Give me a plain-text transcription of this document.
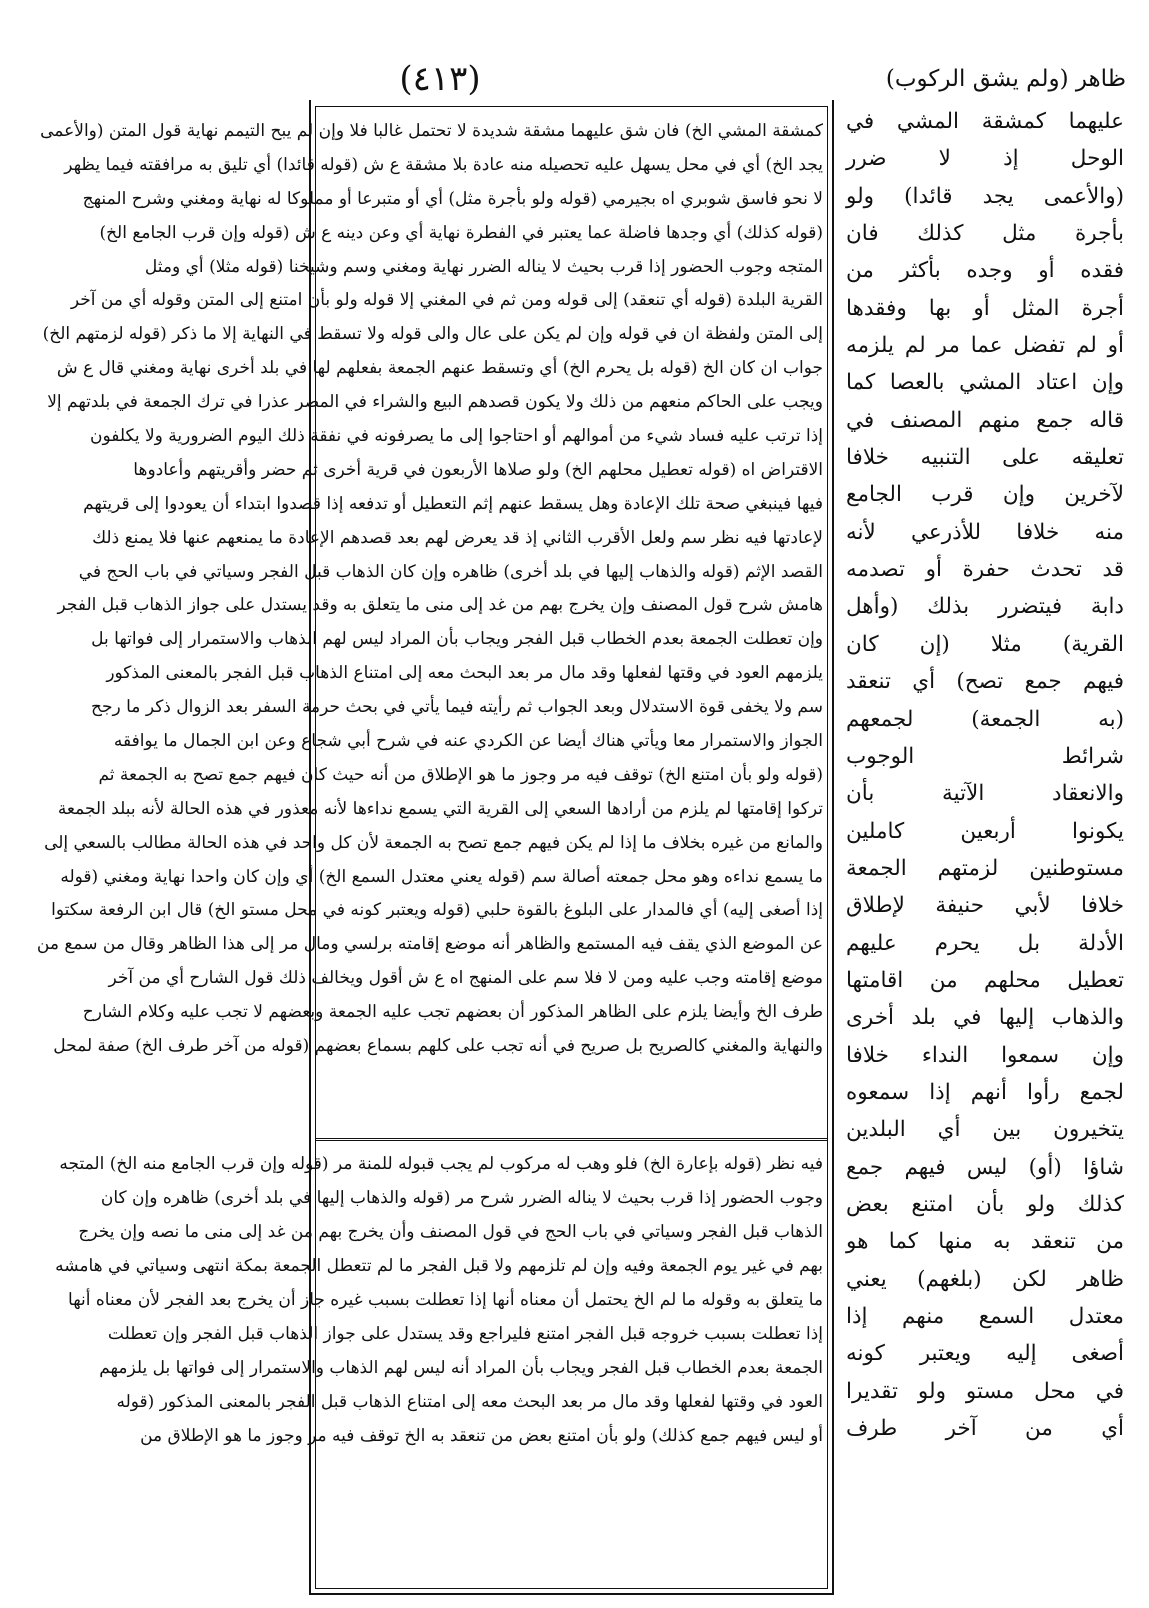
(٤١٣)	ظاهر (ولم يشق الركوب)
عليهما كمشقة المشي في
الوحل إذ لا ضرر
(والأعمى يجد قائدا) ولو
بأجرة مثل كذلك فان
فقده أو وجده بأكثر من
أجرة المثل أو بها وفقدها
أو لم تفضل عما مر لم يلزمه
وإن اعتاد المشي بالعصا كما
قاله جمع منهم المصنف في
تعليقه على التنبيه خلافا
لآخرين وإن قرب الجامع
منه خلافا للأذرعي لأنه
قد تحدث حفرة أو تصدمه
دابة فيتضرر بذلك (وأهل
القرية) مثلا (إن كان
فيهم جمع تصح) أي تنعقد
(به الجمعة) لجمعهم
شرائط الوجوب
والانعقاد الآتية بأن
يكونوا أربعين كاملين
مستوطنين لزمتهم الجمعة
خلافا لأبي حنيفة لإطلاق
الأدلة بل يحرم عليهم
تعطيل محلهم من اقامتها
والذهاب إليها في بلد أخرى
وإن سمعوا النداء خلافا
لجمع رأوا أنهم إذا سمعوه
يتخيرون بين أي البلدين
شاؤا (أو) ليس فيهم جمع
كذلك ولو بأن امتنع بعض
من تنعقد به منها كما هو
ظاهر لكن (بلغهم) يعني
معتدل السمع منهم إذا
أصغى إليه ويعتبر كونه
في محل مستو ولو تقديرا
أي من آخر طرف
كمشقة المشي الخ) فان شق عليهما مشقة شديدة لا تحتمل غالبا فلا وإن لم يبح التيمم نهاية قول المتن (والأعمى
يجد الخ) أي في محل يسهل عليه تحصيله منه عادة بلا مشقة ع ش (قوله قائدا) أي تليق به مرافقته فيما يظهر
لا نحو فاسق شوبري اه بجيرمي (قوله ولو بأجرة مثل) أي أو متبرعا أو مملوكا له نهاية ومغني وشرح المنهج
(قوله كذلك) أي وجدها فاضلة عما يعتبر في الفطرة نهاية أي وعن دينه ع ش (قوله وإن قرب الجامع الخ)
المتجه وجوب الحضور إذا قرب بحيث لا يناله الضرر نهاية ومغني وسم وشيخنا (قوله مثلا) أي ومثل
القرية البلدة (قوله أي تنعقد) إلى قوله ومن ثم في المغني إلا قوله ولو بأن امتنع إلى المتن وقوله أي من آخر
إلى المتن ولفظة ان في قوله وإن لم يكن على عال والى قوله ولا تسقط في النهاية إلا ما ذكر (قوله لزمتهم الخ)
جواب ان كان الخ (قوله بل يحرم الخ) أي وتسقط عنهم الجمعة بفعلهم لها في بلد أخرى نهاية ومغني قال ع ش
ويجب على الحاكم منعهم من ذلك ولا يكون قصدهم البيع والشراء في المصر عذرا في ترك الجمعة في بلدتهم إلا
إذا ترتب عليه فساد شيء من أموالهم أو احتاجوا إلى ما يصرفونه في نفقة ذلك اليوم الضرورية ولا يكلفون
الاقتراض اه (قوله تعطيل محلهم الخ) ولو صلاها الأربعون في قرية أخرى ثم حضر وأقريتهم وأعادوها
فيها فينبغي صحة تلك الإعادة وهل يسقط عنهم إثم التعطيل أو تدفعه إذا قصدوا ابتداء أن يعودوا إلى قريتهم
لإعادتها فيه نظر سم ولعل الأقرب الثاني إذ قد يعرض لهم بعد قصدهم الإعادة ما يمنعهم عنها فلا يمنع ذلك
القصد الإثم (قوله والذهاب إليها في بلد أخرى) ظاهره وإن كان الذهاب قبل الفجر وسياتي في باب الحج في
هامش شرح قول المصنف وإن يخرج بهم من غد إلى منى ما يتعلق به وقد يستدل على جواز الذهاب قبل الفجر
وإن تعطلت الجمعة بعدم الخطاب قبل الفجر ويجاب بأن المراد ليس لهم الذهاب والاستمرار إلى فواتها بل
يلزمهم العود في وقتها لفعلها وقد مال مر بعد البحث معه إلى امتناع الذهاب قبل الفجر بالمعنى المذكور
سم ولا يخفى قوة الاستدلال وبعد الجواب ثم رأيته فيما يأتي في بحث حرمة السفر بعد الزوال ذكر ما رجح
الجواز والاستمرار معا ويأتي هناك أيضا عن الكردي عنه في شرح أبي شجاع وعن ابن الجمال ما يوافقه
(قوله ولو بأن امتنع الخ) توقف فيه مر وجوز ما هو الإطلاق من أنه حيث كان فيهم جمع تصح به الجمعة ثم
تركوا إقامتها لم يلزم من أرادها السعي إلى القرية التي يسمع نداءها لأنه معذور في هذه الحالة لأنه ببلد الجمعة
والمانع من غيره بخلاف ما إذا لم يكن فيهم جمع تصح به الجمعة لأن كل واحد في هذه الحالة مطالب بالسعي إلى
ما يسمع نداءه وهو محل جمعته أصالة سم (قوله يعني معتدل السمع الخ) أي وإن كان واحدا نهاية ومغني (قوله
إذا أصغى إليه) أي فالمدار على البلوغ بالقوة حلبي (قوله ويعتبر كونه في محل مستو الخ) قال ابن الرفعة سكتوا
عن الموضع الذي يقف فيه المستمع والظاهر أنه موضع إقامته برلسي ومال مر إلى هذا الظاهر وقال من سمع من
موضع إقامته وجب عليه ومن لا فلا سم على المنهج اه ع ش أقول ويخالف ذلك قول الشارح أي من آخر
طرف الخ وأيضا يلزم على الظاهر المذكور أن بعضهم تجب عليه الجمعة وبعضهم لا تجب عليه وكلام الشارح
والنهاية والمغني كالصريح بل صريح في أنه تجب على كلهم بسماع بعضهم (قوله من آخر طرف الخ) صفة لمحل
فيه نظر (قوله بإعارة الخ) فلو وهب له مركوب لم يجب قبوله للمنة مر (قوله وإن قرب الجامع منه الخ) المتجه
وجوب الحضور إذا قرب بحيث لا يناله الضرر شرح مر (قوله والذهاب إليها في بلد أخرى) ظاهره وإن كان
الذهاب قبل الفجر وسياتي في باب الحج في قول المصنف وأن يخرج بهم من غد إلى منى ما نصه وإن يخرج
بهم في غير يوم الجمعة وفيه وإن لم تلزمهم ولا قبل الفجر ما لم تتعطل الجمعة بمكة انتهى وسياتي في هامشه
ما يتعلق به وقوله ما لم الخ يحتمل أن معناه أنها إذا تعطلت بسبب غيره جاز أن يخرج بعد الفجر لأن معناه أنها
إذا تعطلت بسبب خروجه قبل الفجر امتنع فليراجع وقد يستدل على جواز الذهاب قبل الفجر وإن تعطلت
الجمعة بعدم الخطاب قبل الفجر ويجاب بأن المراد أنه ليس لهم الذهاب والاستمرار إلى فواتها بل يلزمهم
العود في وقتها لفعلها وقد مال مر بعد البحث معه إلى امتناع الذهاب قبل الفجر بالمعنى المذكور (قوله
أو ليس فيهم جمع كذلك) ولو بأن امتنع بعض من تنعقد به الخ توقف فيه مر وجوز ما هو الإطلاق من
